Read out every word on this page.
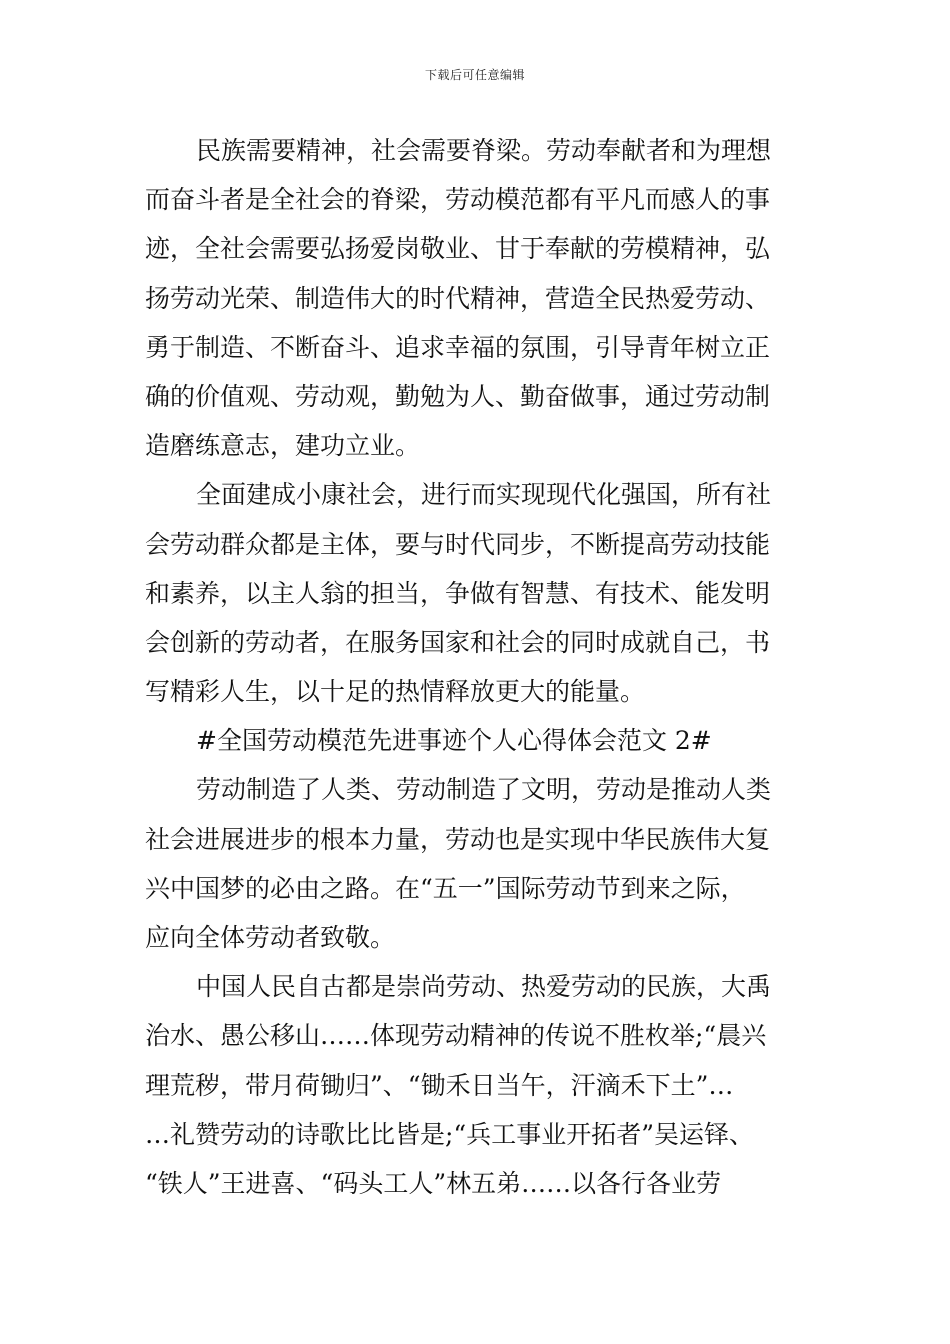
下载后可任意编辑
民族需要精神，社会需要脊梁。劳动奉献者和为理想
而奋斗者是全社会的脊梁，劳动模范都有平凡而感人的事
迹，全社会需要弘扬爱岗敬业、甘于奉献的劳模精神，弘
扬劳动光荣、制造伟大的时代精神，营造全民热爱劳动、
勇于制造、不断奋斗、追求幸福的氛围，引导青年树立正
确的价值观、劳动观，勤勉为人、勤奋做事，通过劳动制
造磨练意志，建功立业。
全面建成小康社会，进行而实现现代化强国，所有社
会劳动群众都是主体，要与时代同步，不断提高劳动技能
和素养，以主人翁的担当，争做有智慧、有技术、能发明
会创新的劳动者，在服务国家和社会的同时成就自己，书
写精彩人生，以十足的热情释放更大的能量。
#全国劳动模范先进事迹个人心得体会范文 2#
劳动制造了人类、劳动制造了文明，劳动是推动人类
社会进展进步的根本力量，劳动也是实现中华民族伟大复
兴中国梦的必由之路。在“五一”国际劳动节到来之际，
应向全体劳动者致敬。
中国人民自古都是崇尚劳动、热爱劳动的民族，大禹
治水、愚公移山……体现劳动精神的传说不胜枚举;“晨兴
理荒秽，带月荷锄归”、“锄禾日当午，汗滴禾下土”…
…礼赞劳动的诗歌比比皆是;“兵工事业开拓者”吴运铎、
“铁人”王进喜、“码头工人”林五弟……以各行各业劳
